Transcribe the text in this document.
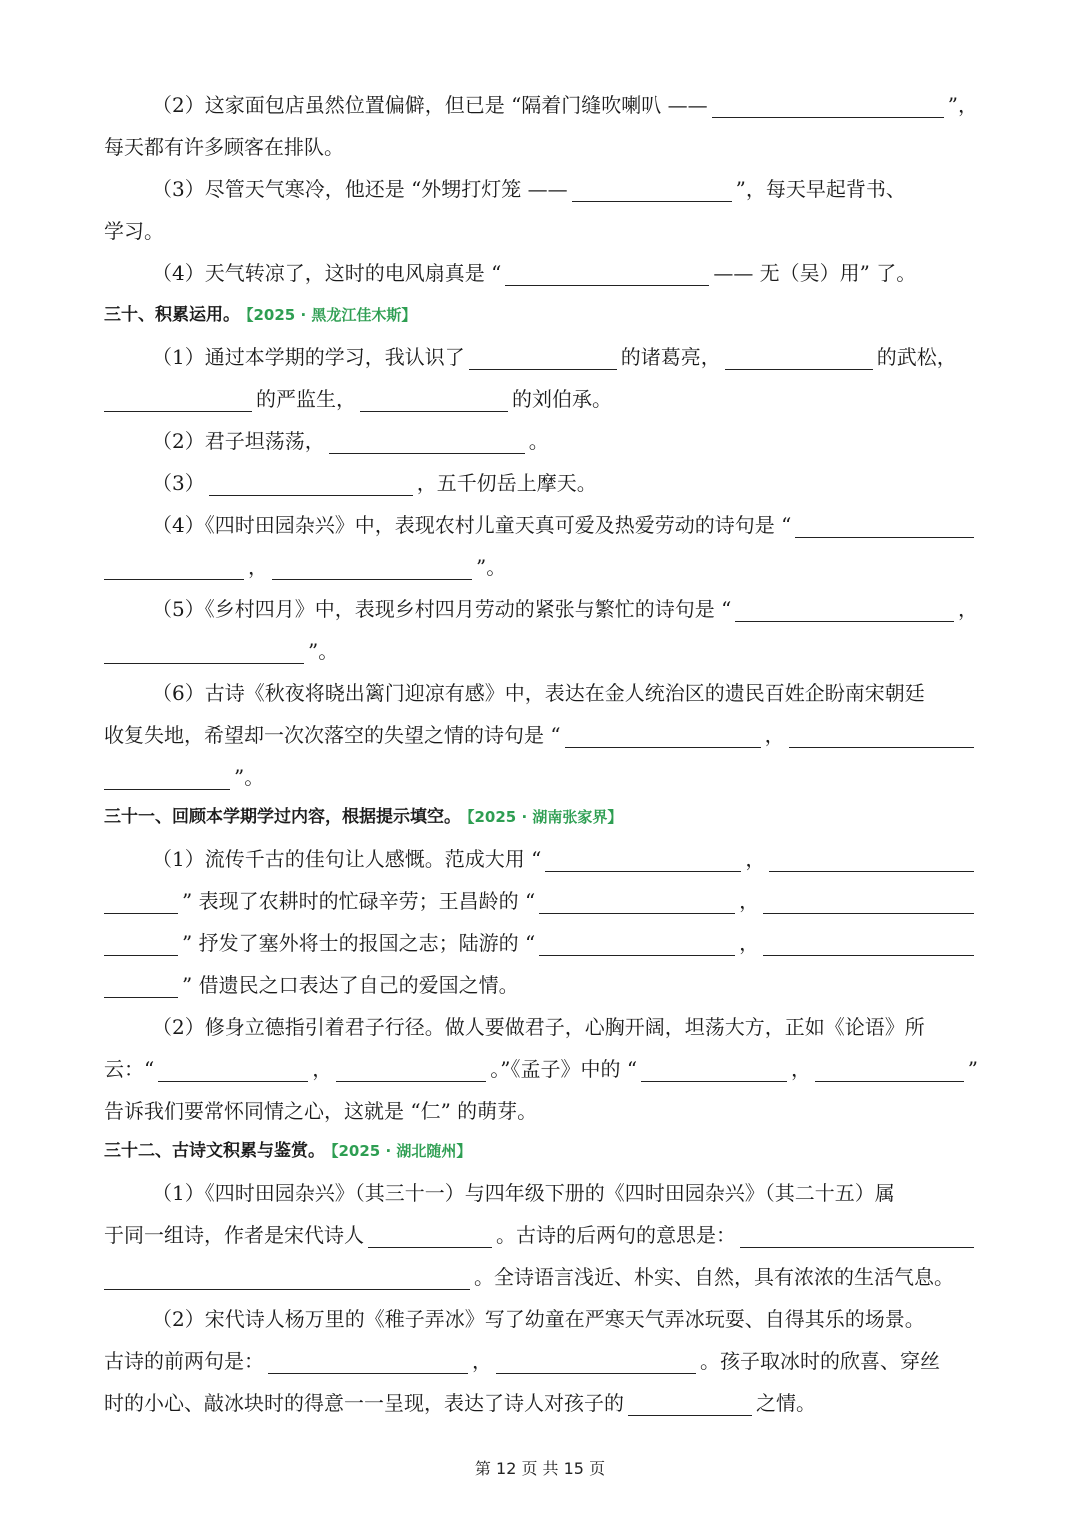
（2）这家面包店虽然位置偏僻，但已是 “隔着门缝吹喇叭 ——	”，
每天都有许多顾客在排队。
（3）尽管天气寒冷，他还是 “外甥打灯笼 ——	”，每天早起背书、
学习。
（4）天气转凉了，这时的电风扇真是 “	—— 无（吴）用” 了。
三十、积累运用。 【2025 · 黑龙江佳木斯】
（1）通过本学期的学习，我认识了	的诸葛亮，	的武松，
的严监生，	的刘伯承。
（2）君子坦荡荡，	。
（3）	，五千仞岳上摩天。
（4）《四时田园杂兴》中，表现农村儿童天真可爱及热爱劳动的诗句是 “
，	”。
（5）《乡村四月》中，表现乡村四月劳动的紧张与繁忙的诗句是 “	，
”。
（6）古诗《秋夜将晓出篱门迎凉有感》中，表达在金人统治区的遗民百姓企盼南宋朝廷
收复失地，希望却一次次落空的失望之情的诗句是 “	，
”。
三十一、回顾本学期学过内容，根据提示填空。 【2025 · 湖南张家界】
（1）流传千古的佳句让人感慨。范成大用 “	，
” 表现了农耕时的忙碌辛劳；王昌龄的 “	，
” 抒发了塞外将士的报国之志；陆游的 “	，
” 借遗民之口表达了自己的爱国之情。
（2）修身立德指引着君子行径。做人要做君子，心胸开阔，坦荡大方，正如《论语》所
云：“	，	。”《孟子》中的 “	，	”
告诉我们要常怀同情之心，这就是 “仁” 的萌芽。
三十二、古诗文积累与鉴赏。 【2025 · 湖北随州】
（1）《四时田园杂兴》（其三十一）与四年级下册的《四时田园杂兴》（其二十五）属
于同一组诗，作者是宋代诗人	。古诗的后两句的意思是：
。全诗语言浅近、朴实、自然，具有浓浓的生活气息。
（2）宋代诗人杨万里的《稚子弄冰》写了幼童在严寒天气弄冰玩耍、自得其乐的场景。
古诗的前两句是：	，	。孩子取冰时的欣喜、穿丝
时的小心、敲冰块时的得意一一呈现，表达了诗人对孩子的	之情。
第 12 页 共 15 页
